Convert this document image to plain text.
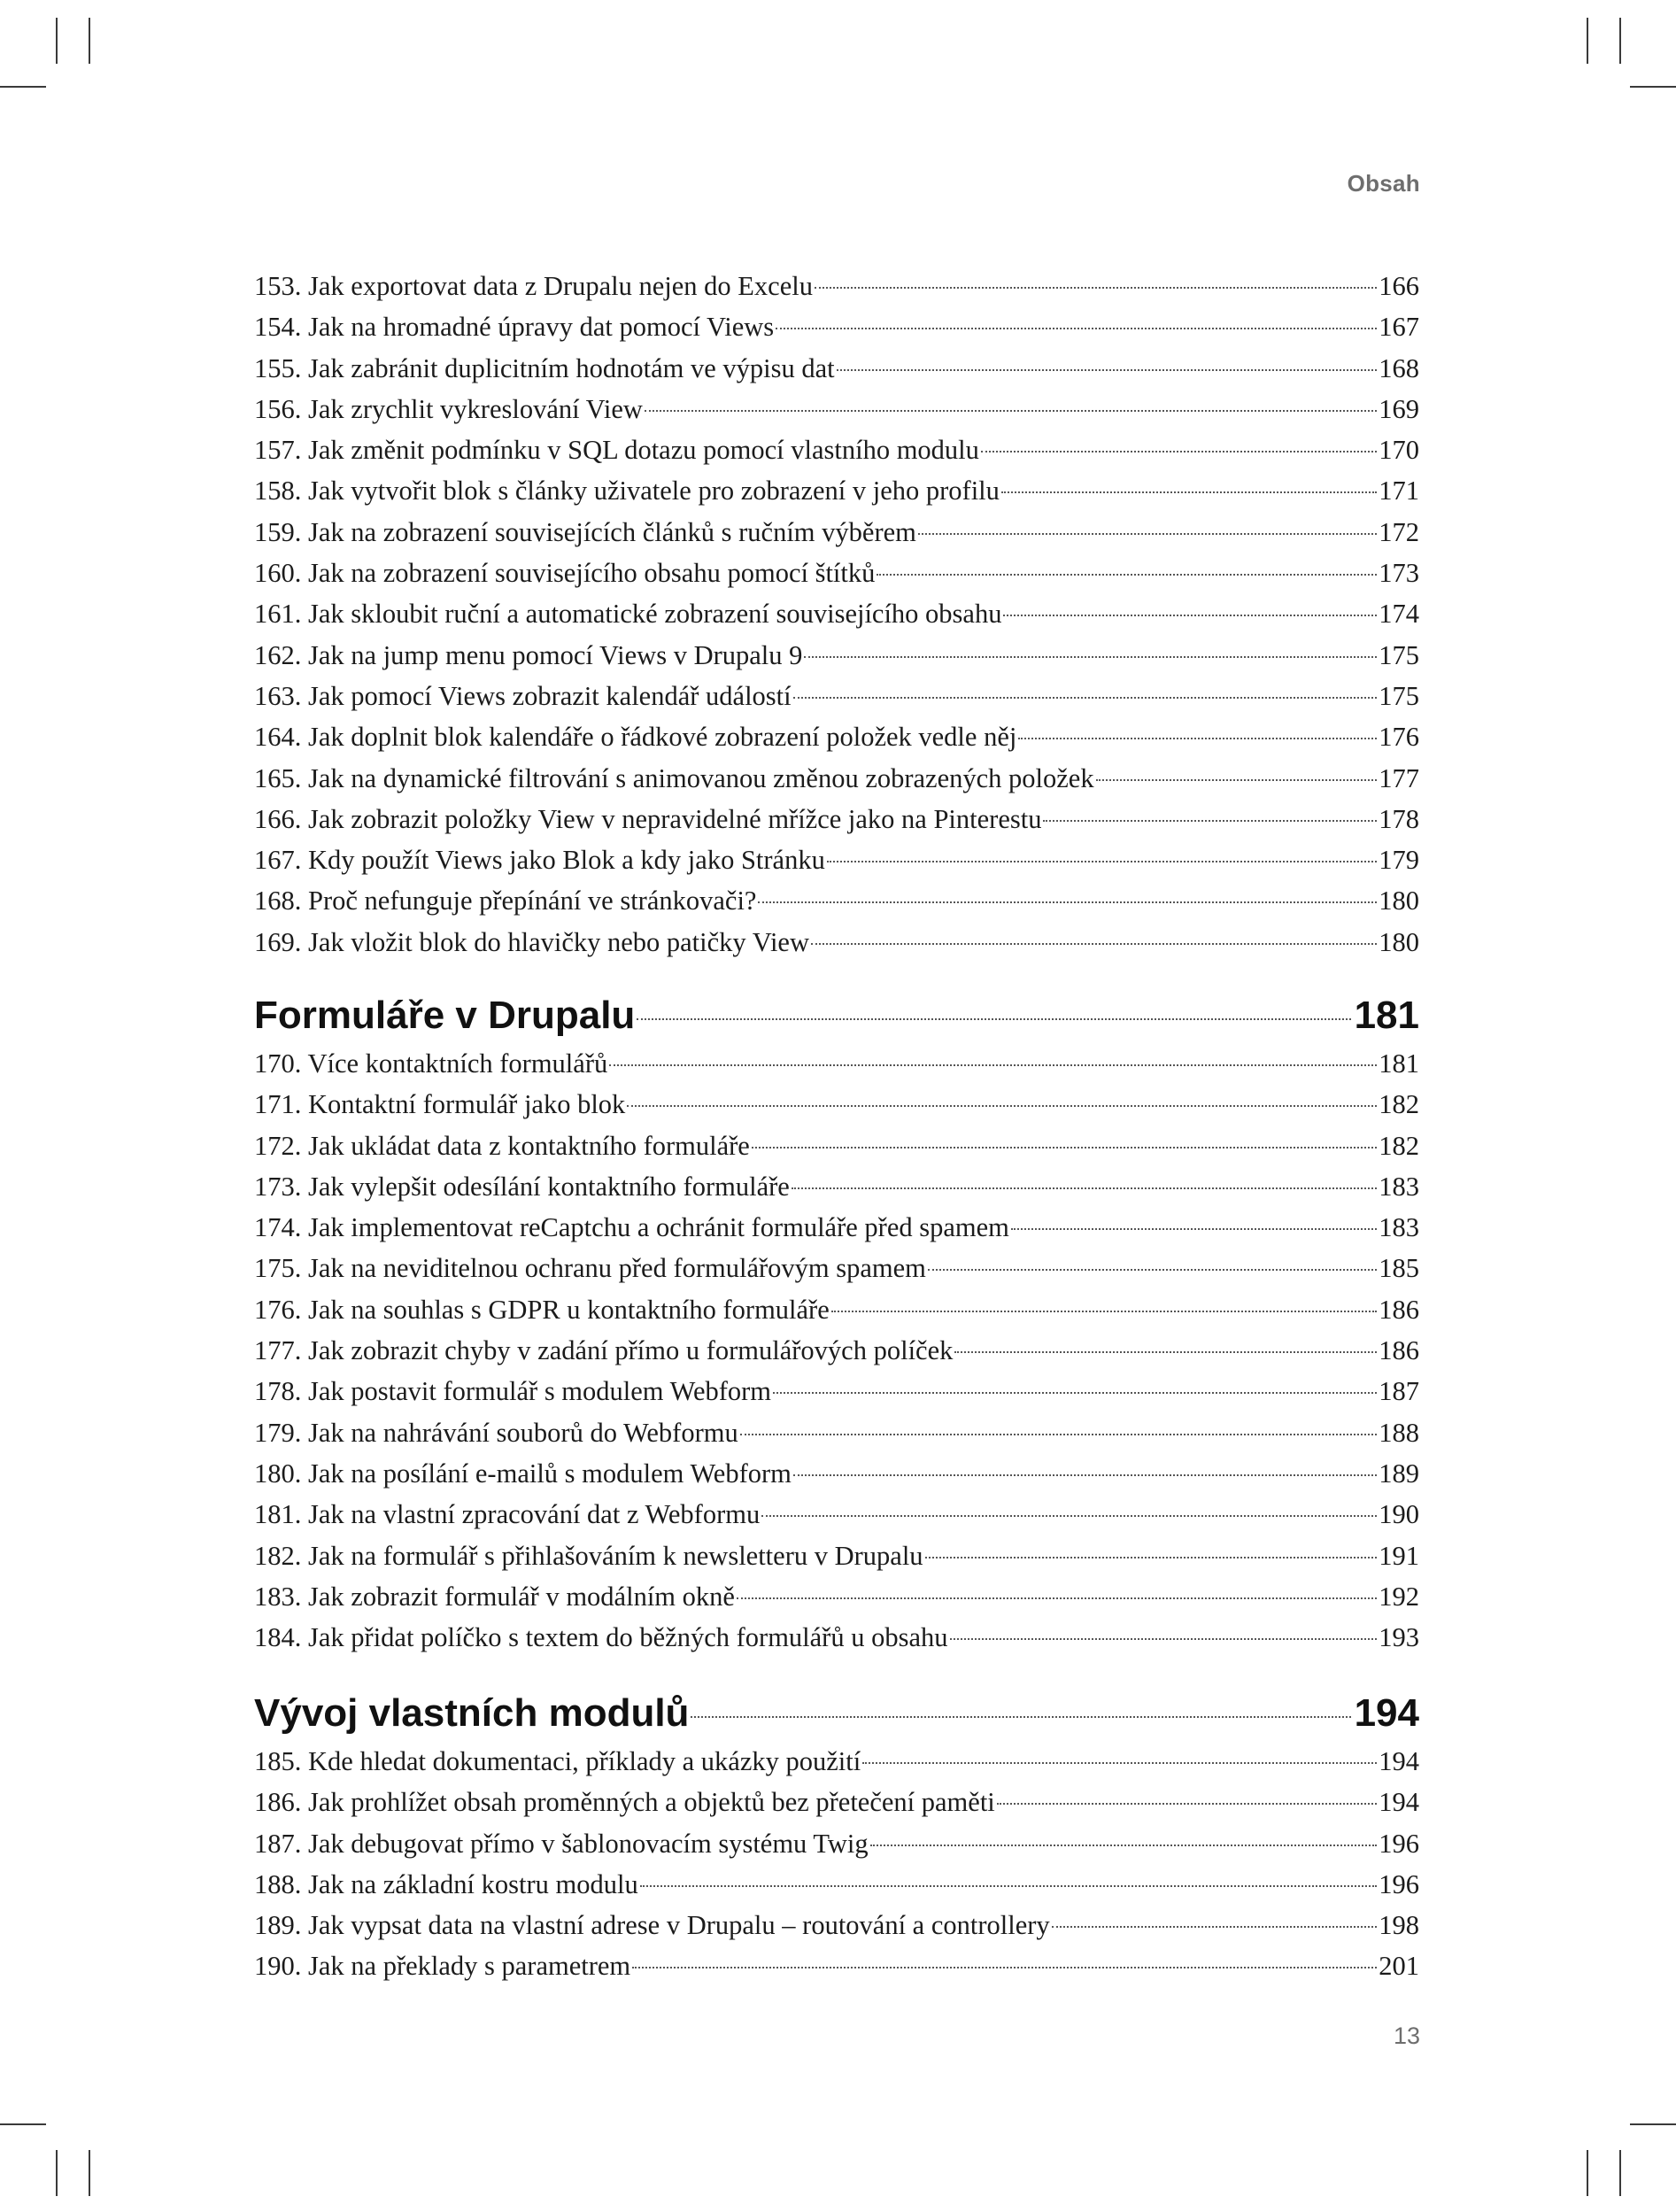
Obsah
153. Jak exportovat data z Drupalu nejen do Excelu	166
154. Jak na hromadné úpravy dat pomocí Views	167
155. Jak zabránit duplicitním hodnotám ve výpisu dat	168
156. Jak zrychlit vykreslování View	169
157. Jak změnit podmínku v SQL dotazu pomocí vlastního modulu	170
158. Jak vytvořit blok s články uživatele pro zobrazení v jeho profilu	171
159. Jak na zobrazení souvisejících článků s ručním výběrem	172
160. Jak na zobrazení souvisejícího obsahu pomocí štítků	173
161. Jak skloubit ruční a automatické zobrazení souvisejícího obsahu	174
162. Jak na jump menu pomocí Views v Drupalu 9	175
163. Jak pomocí Views zobrazit kalendář událostí	175
164. Jak doplnit blok kalendáře o řádkové zobrazení položek vedle něj	176
165. Jak na dynamické filtrování s animovanou změnou zobrazených položek	177
166. Jak zobrazit položky View v nepravidelné mřížce jako na Pinterestu	178
167. Kdy použít Views jako Blok a kdy jako Stránku	179
168. Proč nefunguje přepínání ve stránkovači?	180
169. Jak vložit blok do hlavičky nebo patičky View	180
Formuláře v Drupalu	181
170. Více kontaktních formulářů	181
171. Kontaktní formulář jako blok	182
172. Jak ukládat data z kontaktního formuláře	182
173. Jak vylepšit odesílání kontaktního formuláře	183
174. Jak implementovat reCaptchu a ochránit formuláře před spamem	183
175. Jak na neviditelnou ochranu před formulářovým spamem	185
176. Jak na souhlas s GDPR u kontaktního formuláře	186
177. Jak zobrazit chyby v zadání přímo u formulářových políček	186
178. Jak postavit formulář s modulem Webform	187
179. Jak na nahrávání souborů do Webformu	188
180. Jak na posílání e-mailů s modulem Webform	189
181. Jak na vlastní zpracování dat z Webformu	190
182. Jak na formulář s přihlašováním k newsletteru v Drupalu	191
183. Jak zobrazit formulář v modálním okně	192
184. Jak přidat políčko s textem do běžných formulářů u obsahu	193
Vývoj vlastních modulů	194
185. Kde hledat dokumentaci, příklady a ukázky použití	194
186. Jak prohlížet obsah proměnných a objektů bez přetečení paměti	194
187. Jak debugovat přímo v šablonovacím systému Twig	196
188. Jak na základní kostru modulu	196
189. Jak vypsat data na vlastní adrese v Drupalu – routování a controllery	198
190. Jak na překlady s parametrem	201
13
